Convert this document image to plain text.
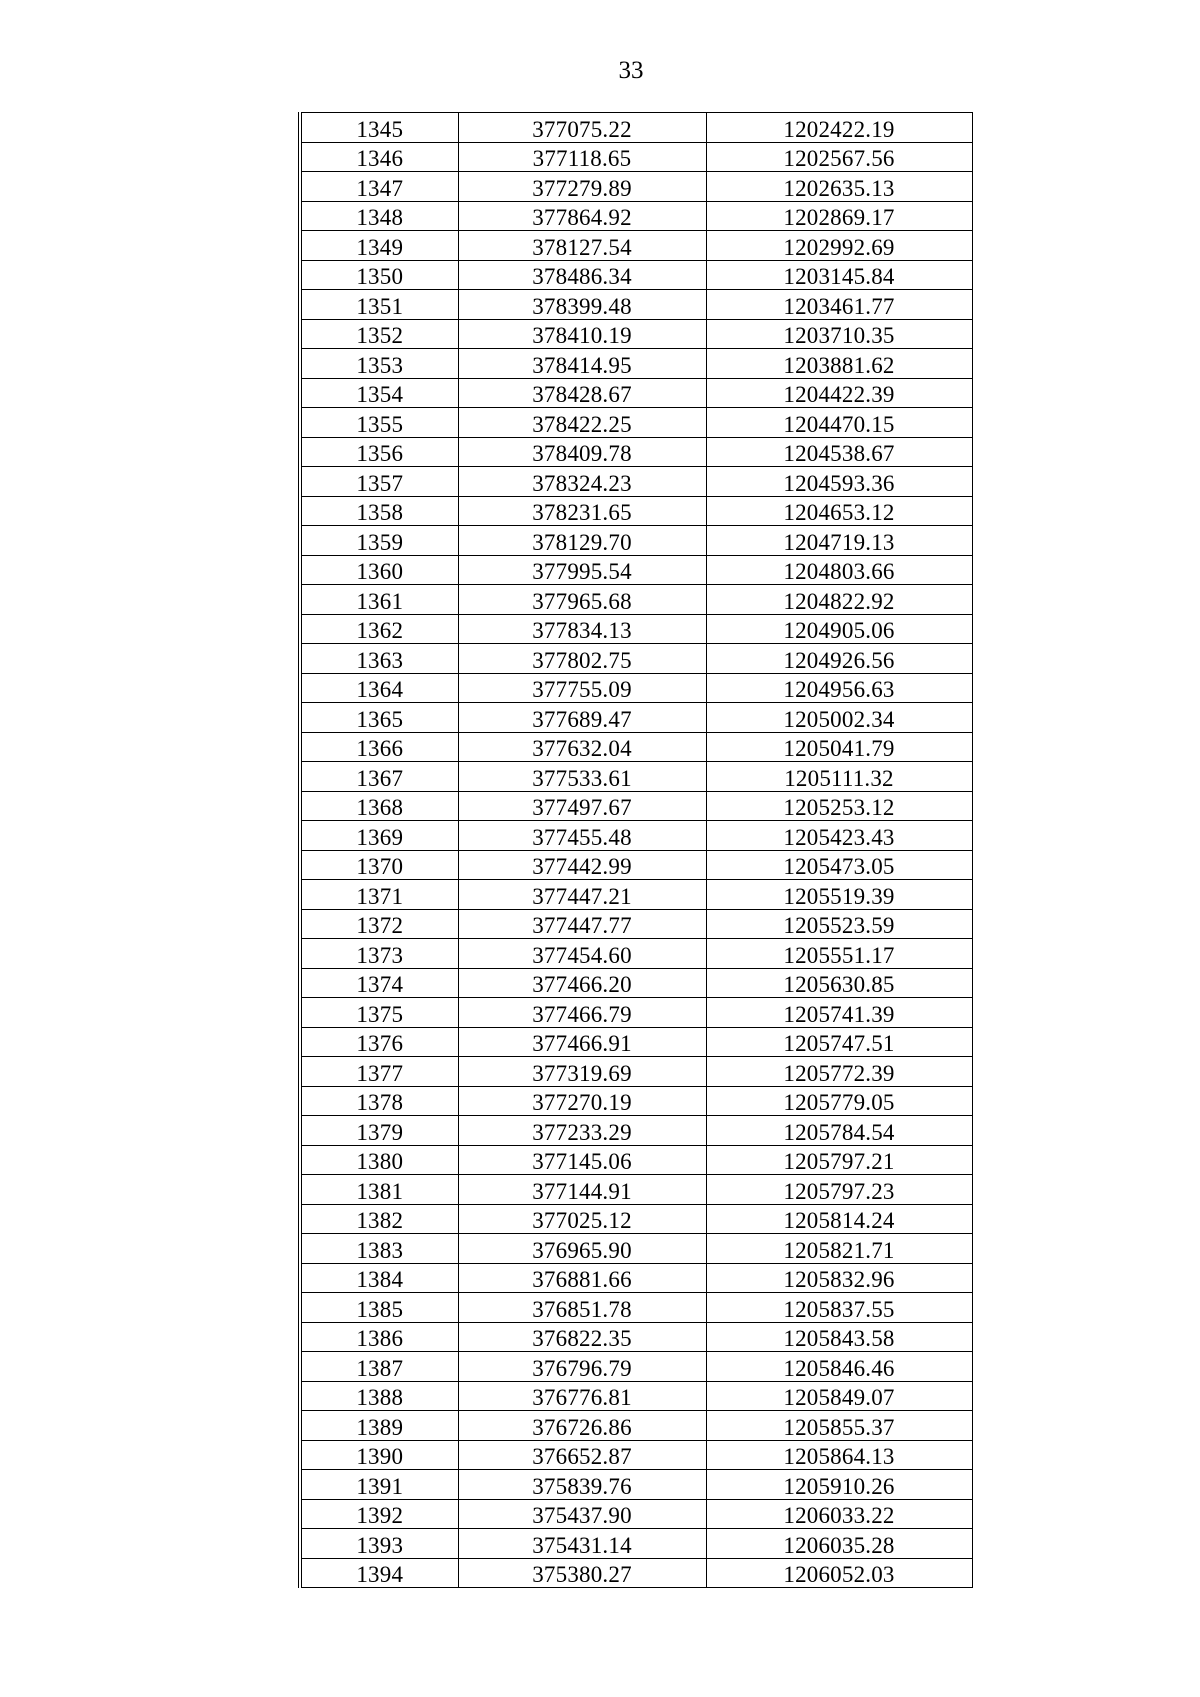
33
1345	377075.22	1202422.19
1346	377118.65	1202567.56
1347	377279.89	1202635.13
1348	377864.92	1202869.17
1349	378127.54	1202992.69
1350	378486.34	1203145.84
1351	378399.48	1203461.77
1352	378410.19	1203710.35
1353	378414.95	1203881.62
1354	378428.67	1204422.39
1355	378422.25	1204470.15
1356	378409.78	1204538.67
1357	378324.23	1204593.36
1358	378231.65	1204653.12
1359	378129.70	1204719.13
1360	377995.54	1204803.66
1361	377965.68	1204822.92
1362	377834.13	1204905.06
1363	377802.75	1204926.56
1364	377755.09	1204956.63
1365	377689.47	1205002.34
1366	377632.04	1205041.79
1367	377533.61	1205111.32
1368	377497.67	1205253.12
1369	377455.48	1205423.43
1370	377442.99	1205473.05
1371	377447.21	1205519.39
1372	377447.77	1205523.59
1373	377454.60	1205551.17
1374	377466.20	1205630.85
1375	377466.79	1205741.39
1376	377466.91	1205747.51
1377	377319.69	1205772.39
1378	377270.19	1205779.05
1379	377233.29	1205784.54
1380	377145.06	1205797.21
1381	377144.91	1205797.23
1382	377025.12	1205814.24
1383	376965.90	1205821.71
1384	376881.66	1205832.96
1385	376851.78	1205837.55
1386	376822.35	1205843.58
1387	376796.79	1205846.46
1388	376776.81	1205849.07
1389	376726.86	1205855.37
1390	376652.87	1205864.13
1391	375839.76	1205910.26
1392	375437.90	1206033.22
1393	375431.14	1206035.28
1394	375380.27	1206052.03
